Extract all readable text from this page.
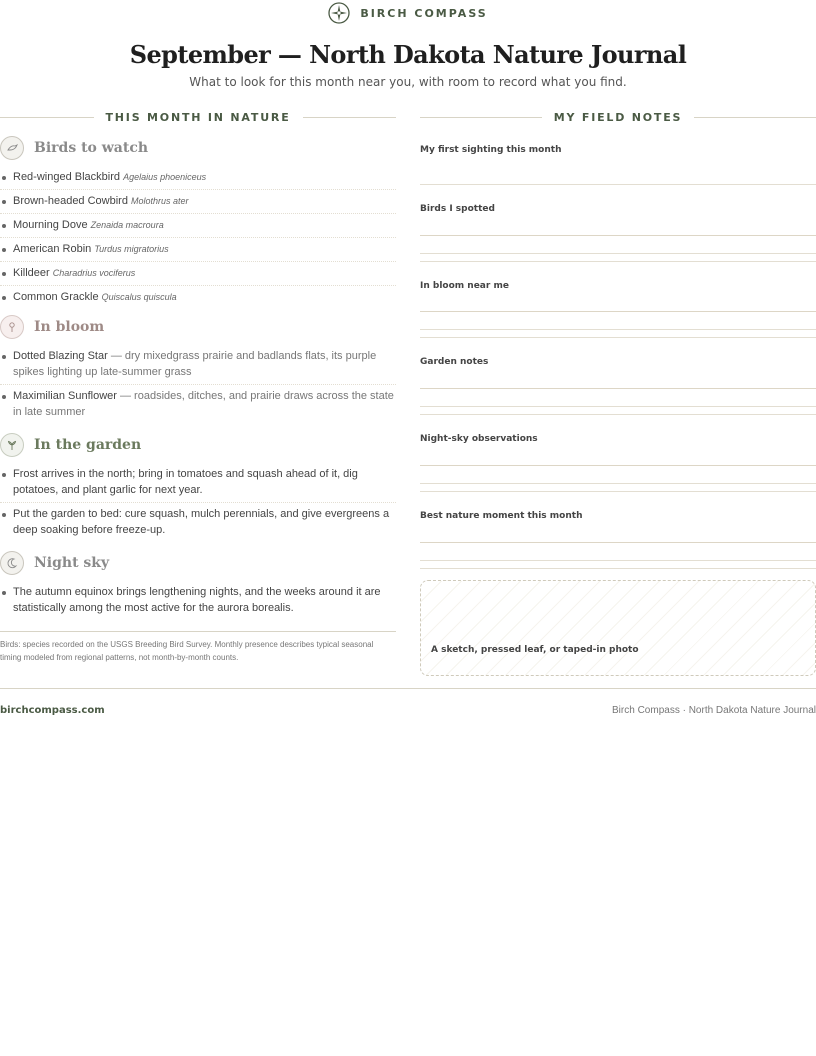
BIRCH COMPASS
September — North Dakota Nature Journal

What to look for this month near you, with room to record what you find.

THIS MONTH IN NATURE
Birds to watch
Red-winged Blackbird Agelaius phoeniceus
Brown-headed Cowbird Molothrus ater
Mourning Dove Zenaida macroura
American Robin Turdus migratorius
Killdeer Charadrius vociferus
Common Grackle Quiscalus quiscula
In bloom
Dotted Blazing Star — dry mixedgrass prairie and badlands flats, its purple spikes lighting up late-summer grass
Maximilian Sunflower — roadsides, ditches, and prairie draws across the state in late summer
In the garden
Frost arrives in the north; bring in tomatoes and squash ahead of it, dig potatoes, and plant garlic for next year.
Put the garden to bed: cure squash, mulch perennials, and give evergreens a deep soaking before freeze-up.
Night sky
The autumn equinox brings lengthening nights, and the weeks around it are statistically among the most active for the aurora borealis.

Birds: species recorded on the USGS Breeding Bird Survey. Monthly presence describes typical seasonal timing modeled from regional patterns, not month-by-month counts.

MY FIELD NOTES
My first sighting this month
Birds I spotted
In bloom near me
Garden notes
Night-sky observations
Best nature moment this month
A sketch, pressed leaf, or taped-in photo
birchcompass.com	Birch Compass · North Dakota Nature Journal
